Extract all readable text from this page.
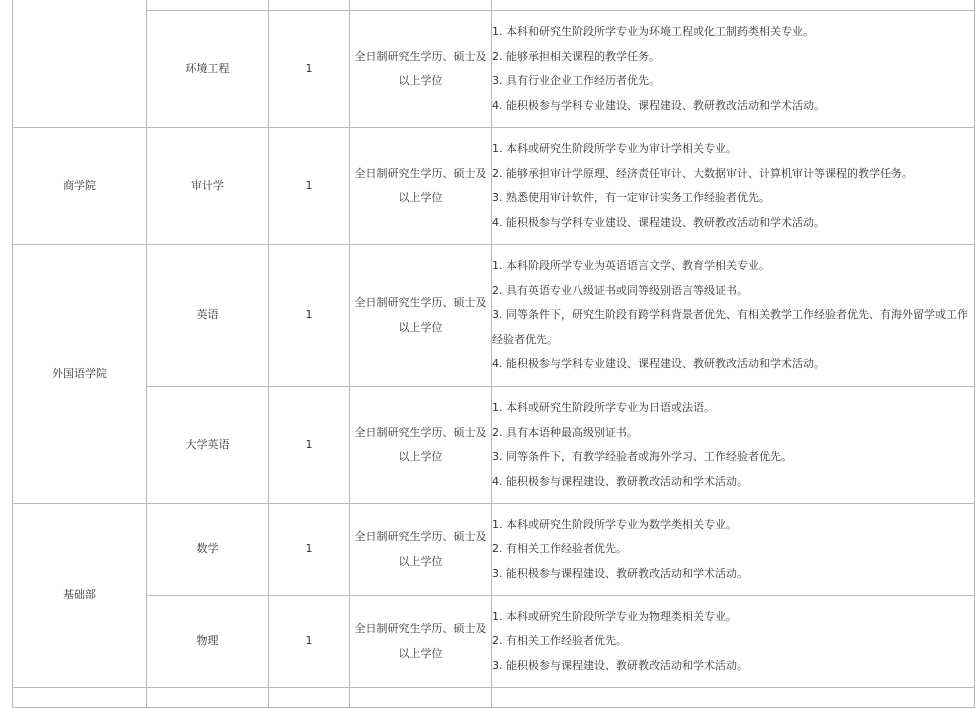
	环境工程	1	全日制研究生学历、硕士及以上学位	1. 本科和研究生阶段所学专业为环境工程或化工制药类相关专业。
2. 能够承担相关课程的教学任务。
3. 具有行业企业工作经历者优先。
4. 能积极参与学科专业建设、课程建设、教研教改活动和学术活动。

商学院	审计学	1	全日制研究生学历、硕士及以上学位	1. 本科或研究生阶段所学专业为审计学相关专业。
2. 能够承担审计学原理、经济责任审计、大数据审计、计算机审计等课程的教学任务。
3. 熟悉使用审计软件，有一定审计实务工作经验者优先。
4. 能积极参与学科专业建设、课程建设、教研教改活动和学术活动。

外国语学院	英语	1	全日制研究生学历、硕士及以上学位	1. 本科阶段所学专业为英语语言文学、教育学相关专业。
2. 具有英语专业八级证书或同等级别语言等级证书。
3. 同等条件下，研究生阶段有跨学科背景者优先、有相关教学工作经验者优先、有海外留学或工作经验者优先。
4. 能积极参与学科专业建设、课程建设、教研教改活动和学术活动。

	大学英语	1	全日制研究生学历、硕士及以上学位	1. 本科或研究生阶段所学专业为日语或法语。
2. 具有本语种最高级别证书。
3. 同等条件下，有教学经验者或海外学习、工作经验者优先。
4. 能积极参与课程建设、教研教改活动和学术活动。

基础部	数学	1	全日制研究生学历、硕士及以上学位	1. 本科或研究生阶段所学专业为数学类相关专业。
2. 有相关工作经验者优先。
3. 能积极参与课程建设、教研教改活动和学术活动。

	物理	1	全日制研究生学历、硕士及以上学位	1. 本科或研究生阶段所学专业为物理类相关专业。
2. 有相关工作经验者优先。
3. 能积极参与课程建设、教研教改活动和学术活动。
